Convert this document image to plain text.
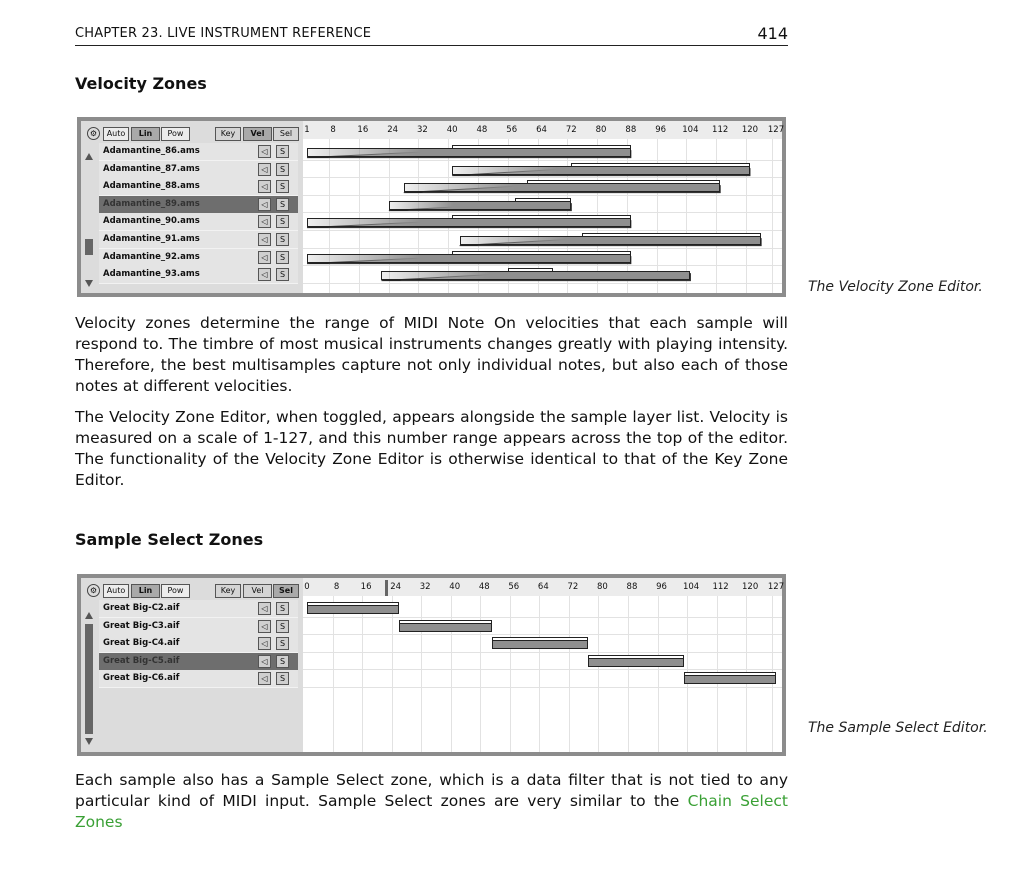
CHAPTER 23. LIVE INSTRUMENT REFERENCE	414
Velocity Zones
⚙	Auto	Lin	Pow	Key	Vel	Sel
Adamantine_86.ams	◁	S
Adamantine_87.ams	◁	S
Adamantine_88.ams	◁	S
Adamantine_89.ams	◁	S
Adamantine_90.ams	◁	S
Adamantine_91.ams	◁	S
Adamantine_92.ams	◁	S
Adamantine_93.ams	◁	S
1 8	16 24 32 40 48 56 64 72 80 88 96 104 112 120 127
The Velocity Zone Editor.
Velocity zones determine the range of MIDI Note On velocities that each sample will respond to. The timbre of most musical instruments changes greatly with playing intensity. Therefore, the best multisamples capture not only individual notes, but also each of those notes at different velocities.
The Velocity Zone Editor, when toggled, appears alongside the sample layer list. Velocity is measured on a scale of 1-127, and this number range appears across the top of the editor. The functionality of the Velocity Zone Editor is otherwise identical to that of the Key Zone Editor.
Sample Select Zones
⚙	Auto	Lin	Pow	Key	Vel	Sel
Great Big-C2.aif	◁	S
Great Big-C3.aif	◁	S
Great Big-C4.aif	◁	S
Great Big-C5.aif	◁	S
Great Big-C6.aif	◁	S
0	8	16 24 32 40 48 56 64 72 80 88 96 104 112 120 127
The Sample Select Editor.
Each sample also has a Sample Select zone, which is a data filter that is not tied to any particular kind of MIDI input. Sample Select zones are very similar to the Chain Select Zones
